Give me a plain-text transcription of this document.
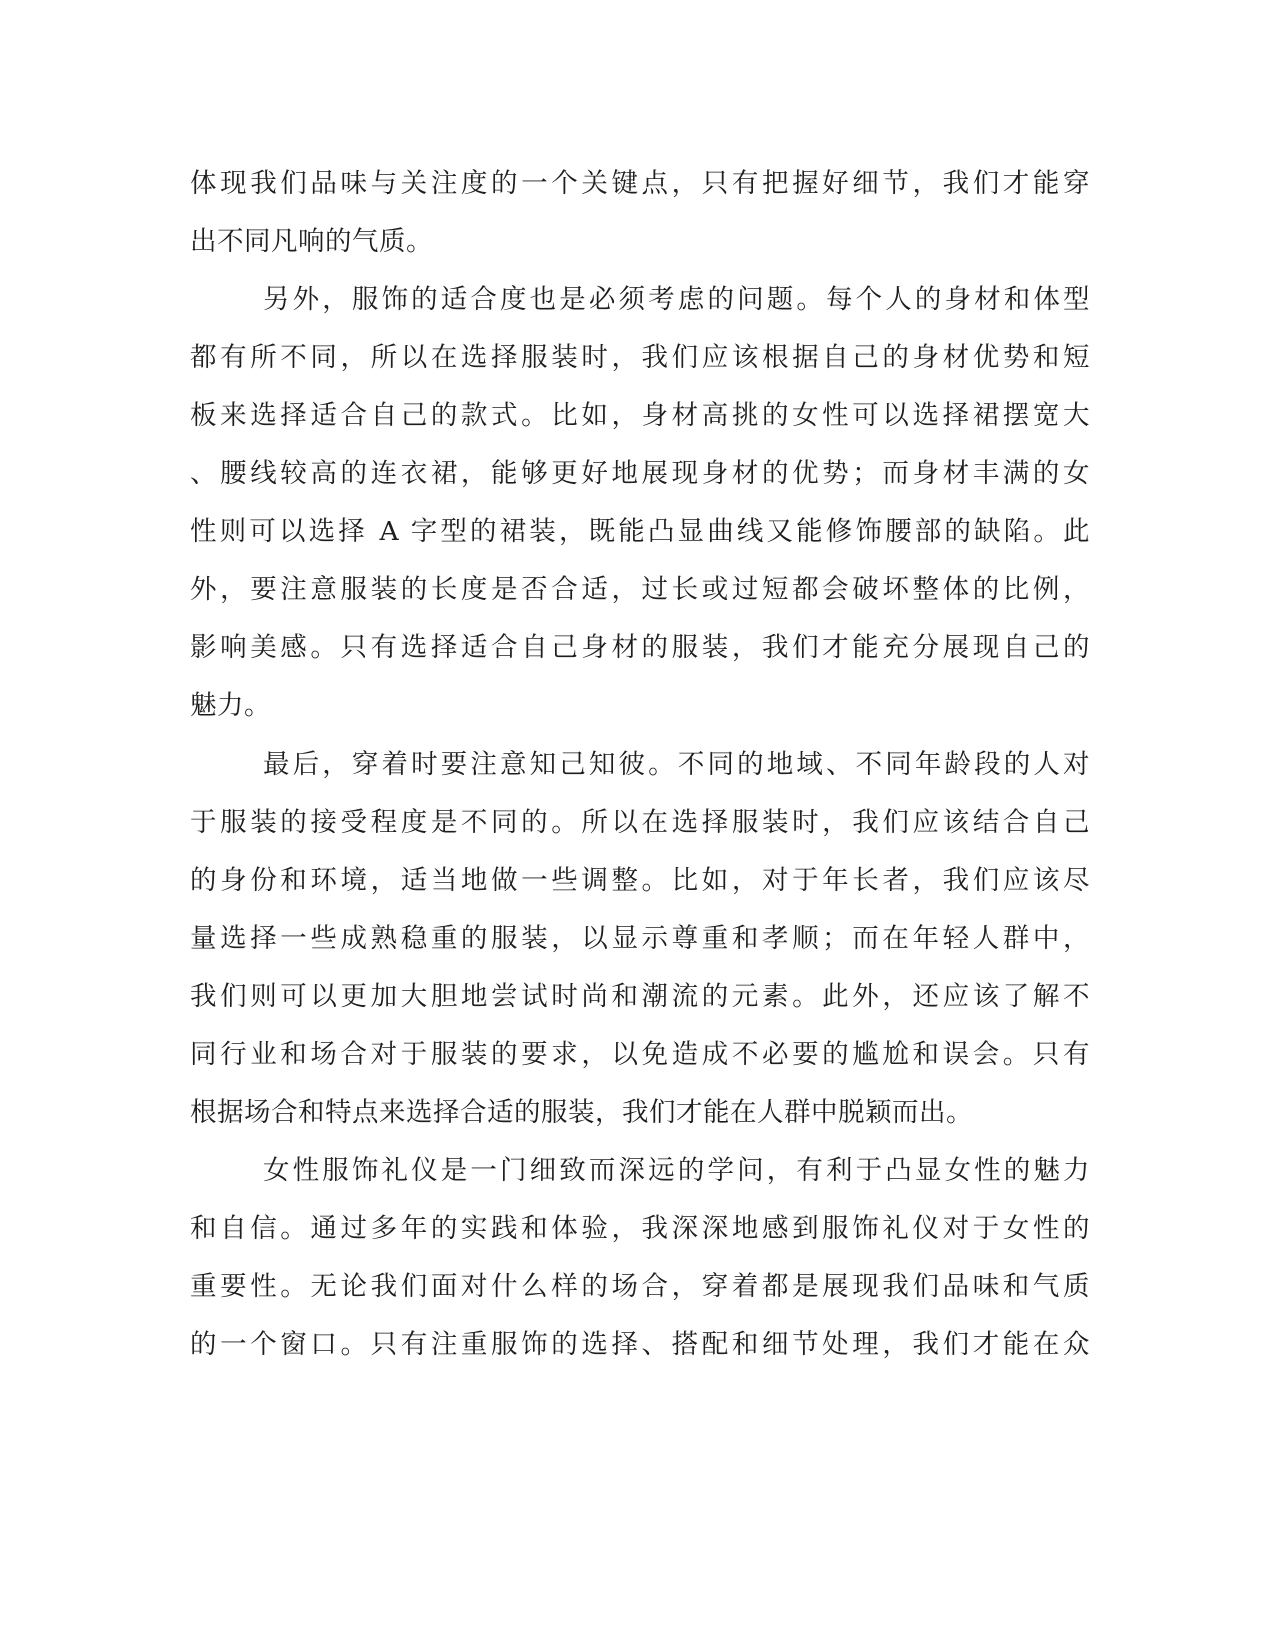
体现我们品味与关注度的一个关键点，只有把握好细节，我们才能穿
出不同凡响的气质。
另外，服饰的适合度也是必须考虑的问题。每个人的身材和体型
都有所不同，所以在选择服装时，我们应该根据自己的身材优势和短
板来选择适合自己的款式。比如，身材高挑的女性可以选择裙摆宽大
、腰线较高的连衣裙，能够更好地展现身材的优势；而身材丰满的女
性则可以选择 A 字型的裙装，既能凸显曲线又能修饰腰部的缺陷。此
外，要注意服装的长度是否合适，过长或过短都会破坏整体的比例，
影响美感。只有选择适合自己身材的服装，我们才能充分展现自己的
魅力。
最后，穿着时要注意知己知彼。不同的地域、不同年龄段的人对
于服装的接受程度是不同的。所以在选择服装时，我们应该结合自己
的身份和环境，适当地做一些调整。比如，对于年长者，我们应该尽
量选择一些成熟稳重的服装，以显示尊重和孝顺；而在年轻人群中，
我们则可以更加大胆地尝试时尚和潮流的元素。此外，还应该了解不
同行业和场合对于服装的要求，以免造成不必要的尴尬和误会。只有
根据场合和特点来选择合适的服装，我们才能在人群中脱颖而出。
女性服饰礼仪是一门细致而深远的学问，有利于凸显女性的魅力
和自信。通过多年的实践和体验，我深深地感到服饰礼仪对于女性的
重要性。无论我们面对什么样的场合，穿着都是展现我们品味和气质
的一个窗口。只有注重服饰的选择、搭配和细节处理，我们才能在众
